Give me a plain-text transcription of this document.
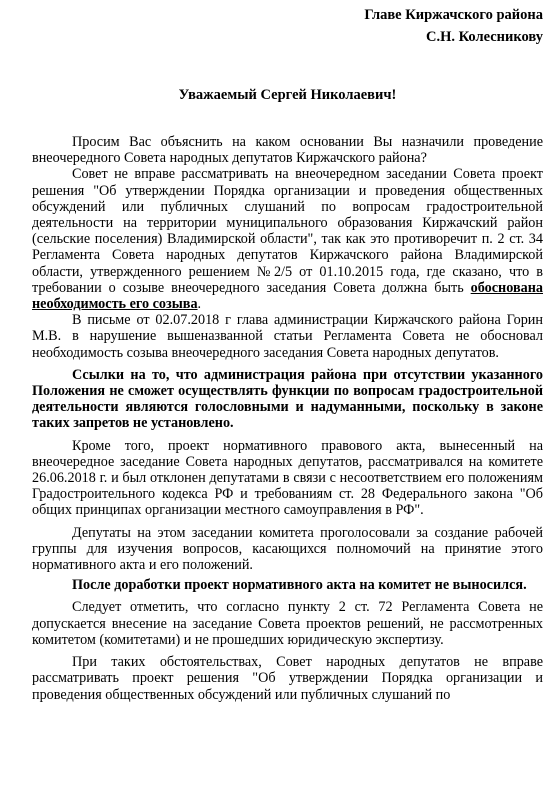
Главе Киржачского района
С.Н. Колесникову
Уважаемый Сергей Николаевич!

Просим Вас объяснить на каком основании Вы назначили проведение внеочередного Совета народных депутатов Киржачского района?

Совет не вправе рассматривать на внеочередном заседании Совета проект решения "Об утверждении Порядка организации и проведения общественных обсуждений или публичных слушаний по вопросам градостроительной деятельности на территории муниципального образования Киржачский район (сельские поселения) Владимирской области", так как это противоречит п. 2 ст. 34 Регламента Совета народных депутатов Киржачского района Владимирской области, утвержденного решением №2/5 от 01.10.2015 года, где сказано, что в требовании о созыве внеочередного заседания Совета должна быть обоснована необходимость его созыва.

В письме от 02.07.2018 г глава администрации Киржачского района Горин М.В. в нарушение вышеназванной статьи Регламента Совета не обосновал необходимость созыва внеочередного заседания Совета народных депутатов.

Ссылки на то, что администрация района при отсутствии указанного Положения не сможет осуществлять функции по вопросам градостроительной деятельности являются голословными и надуманными, поскольку в законе таких запретов не установлено.

Кроме того, проект нормативного правового акта, вынесенный на внеочередное заседание Совета народных депутатов, рассматривался на комитете 26.06.2018 г. и был отклонен депутатами в связи с несоответствием его положениям Градостроительного кодекса РФ и требованиям ст. 28 Федерального закона "Об общих принципах организации местного самоуправления в РФ".

Депутаты на этом заседании комитета проголосовали за создание рабочей группы для изучения вопросов, касающихся полномочий на принятие этого нормативного акта и его положений.

После доработки проект нормативного акта на комитет не выносился.

Следует отметить, что согласно пункту 2 ст. 72 Регламента Совета не допускается внесение на заседание Совета проектов решений, не рассмотренных комитетом (комитетами) и не прошедших юридическую экспертизу.

При таких обстоятельствах, Совет народных депутатов не вправе рассматривать проект решения "Об утверждении Порядка организации и проведения общественных обсуждений или публичных слушаний по
